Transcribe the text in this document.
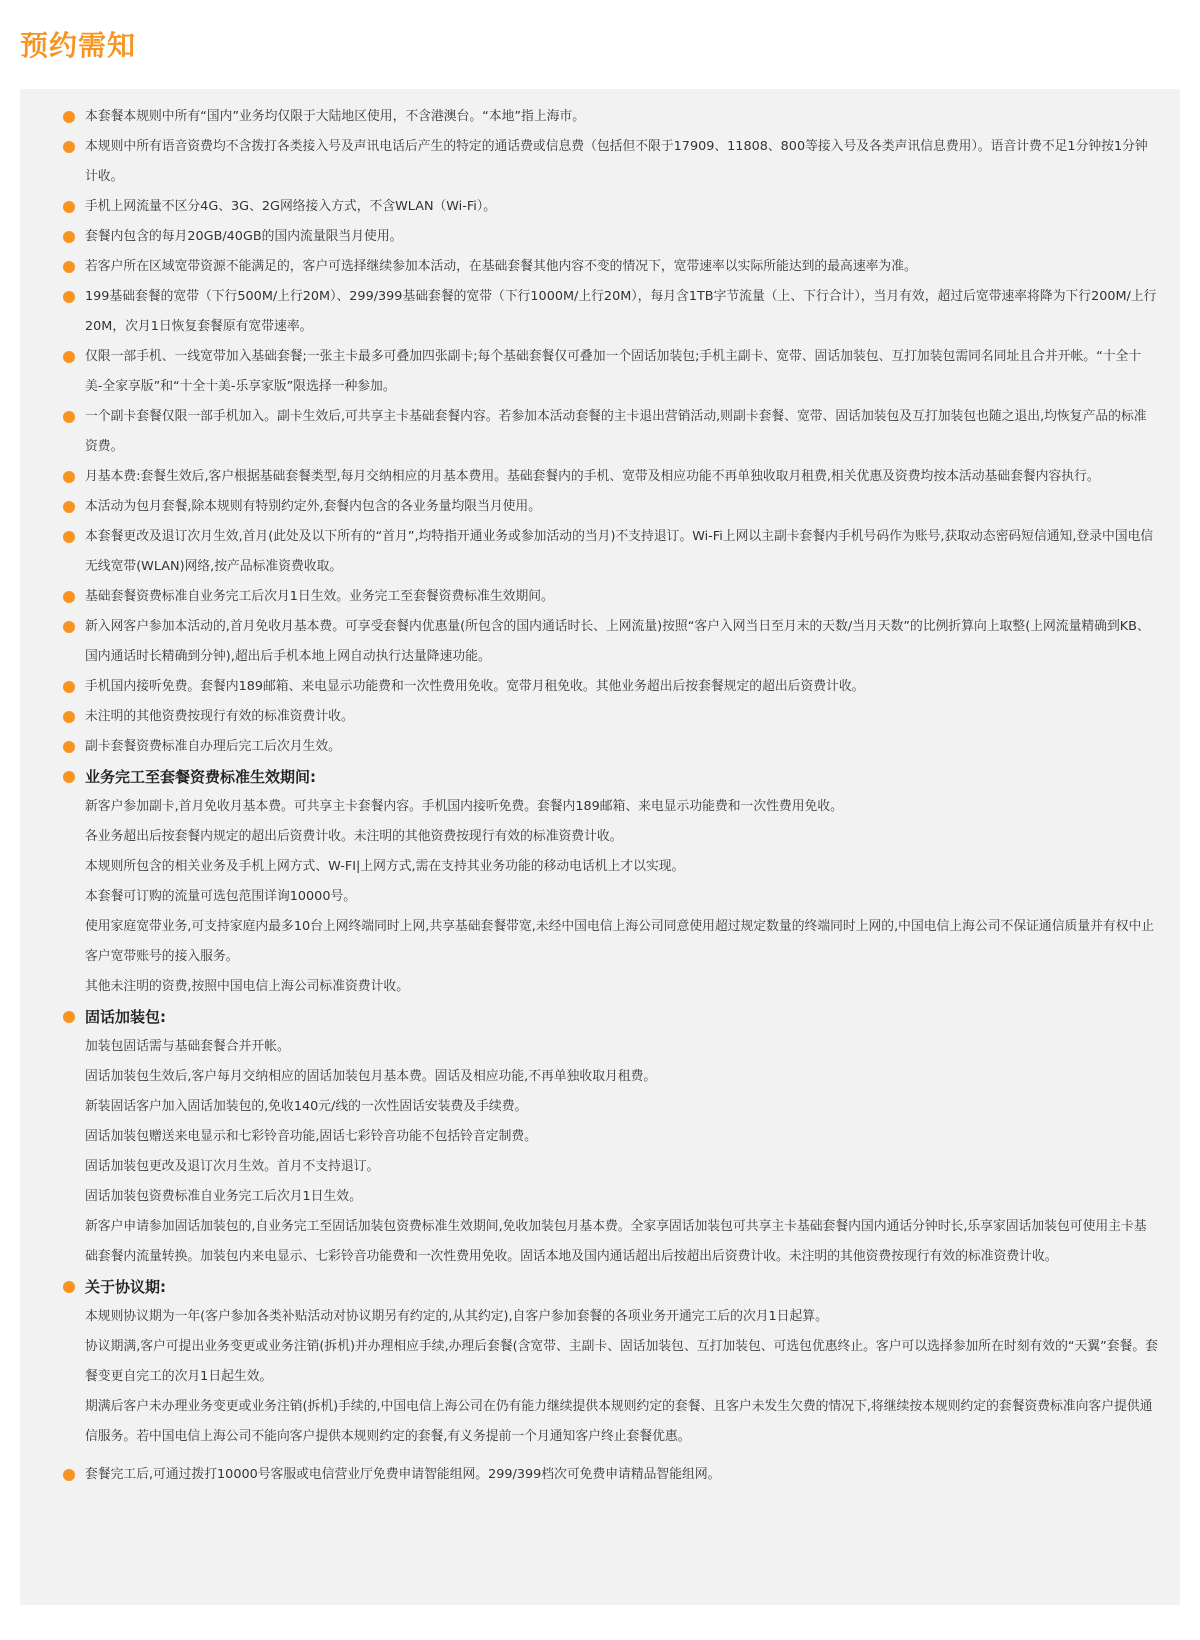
预约需知
本套餐本规则中所有“国内”业务均仅限于大陆地区使用，不含港澳台。“本地”指上海市。
本规则中所有语音资费均不含拨打各类接入号及声讯电话后产生的特定的通话费或信息费（包括但不限于17909、11808、800等接入号及各类声讯信息费用）。语音计费不足1分钟按1分钟计收。
手机上网流量不区分4G、3G、2G网络接入方式，不含WLAN（Wi-Fi）。
套餐内包含的每月20GB/40GB的国内流量限当月使用。
若客户所在区域宽带资源不能满足的，客户可选择继续参加本活动，在基础套餐其他内容不变的情况下，宽带速率以实际所能达到的最高速率为准。
199基础套餐的宽带（下行500M/上行20M）、299/399基础套餐的宽带（下行1000M/上行20M），每月含1TB字节流量（上、下行合计），当月有效，超过后宽带速率将降为下行200M/上行20M，次月1日恢复套餐原有宽带速率。
仅限一部手机、一线宽带加入基础套餐;一张主卡最多可叠加四张副卡;每个基础套餐仅可叠加一个固话加装包;手机主副卡、宽带、固话加装包、互打加装包需同名同址且合并开帐。“十全十美-全家享版”和“十全十美-乐享家版”限选择一种参加。
一个副卡套餐仅限一部手机加入。副卡生效后,可共享主卡基础套餐内容。若参加本活动套餐的主卡退出营销活动,则副卡套餐、宽带、固话加装包及互打加装包也随之退出,均恢复产品的标准资费。
月基本费:套餐生效后,客户根据基础套餐类型,每月交纳相应的月基本费用。基础套餐内的手机、宽带及相应功能不再单独收取月租费,相关优惠及资费均按本活动基础套餐内容执行。
本活动为包月套餐,除本规则有特别约定外,套餐内包含的各业务量均限当月使用。
本套餐更改及退订次月生效,首月(此处及以下所有的“首月”,均特指开通业务或参加活动的当月)不支持退订。Wi-Fi上网以主副卡套餐内手机号码作为账号,获取动态密码短信通知,登录中国电信无线宽带(WLAN)网络,按产品标准资费收取。
基础套餐资费标准自业务完工后次月1日生效。业务完工至套餐资费标准生效期间。
新入网客户参加本活动的,首月免收月基本费。可享受套餐内优惠量(所包含的国内通话时长、上网流量)按照“客户入网当日至月末的天数/当月天数”的比例折算向上取整(上网流量精确到KB、国内通话时长精确到分钟),超出后手机本地上网自动执行达量降速功能。
手机国内接听免费。套餐内189邮箱、来电显示功能费和一次性费用免收。宽带月租免收。其他业务超出后按套餐规定的超出后资费计收。
未注明的其他资费按现行有效的标准资费计收。
副卡套餐资费标准自办理后完工后次月生效。
业务完工至套餐资费标准生效期间:
新客户参加副卡,首月免收月基本费。可共享主卡套餐内容。手机国内接听免费。套餐内189邮箱、来电显示功能费和一次性费用免收。
各业务超出后按套餐内规定的超出后资费计收。未注明的其他资费按现行有效的标准资费计收。
本规则所包含的相关业务及手机上网方式、W-FI|上网方式,需在支持其业务功能的移动电话机上才以实现。
本套餐可订购的流量可选包范围详询10000号。
使用家庭宽带业务,可支持家庭内最多10台上网终端同时上网,共享基础套餐带宽,未经中国电信上海公司同意使用超过规定数量的终端同时上网的,中国电信上海公司不保证通信质量并有权中止客户宽带账号的接入服务。
其他未注明的资费,按照中国电信上海公司标准资费计收。
固话加装包:
加装包固话需与基础套餐合并开帐。
固话加装包生效后,客户每月交纳相应的固话加装包月基本费。固话及相应功能,不再单独收取月租费。
新装固话客户加入固话加装包的,免收140元/线的一次性固话安装费及手续费。
固话加装包赠送来电显示和七彩铃音功能,固话七彩铃音功能不包括铃音定制费。
固话加装包更改及退订次月生效。首月不支持退订。
固话加装包资费标准自业务完工后次月1日生效。
新客户申请参加固话加装包的,自业务完工至固话加装包资费标准生效期间,免收加装包月基本费。全家享固话加装包可共享主卡基础套餐内国内通话分钟时长,乐享家固话加装包可使用主卡基础套餐内流量转换。加装包内来电显示、七彩铃音功能费和一次性费用免收。固话本地及国内通话超出后按超出后资费计收。未注明的其他资费按现行有效的标准资费计收。
关于协议期:
本规则协议期为一年(客户参加各类补贴活动对协议期另有约定的,从其约定),自客户参加套餐的各项业务开通完工后的次月1日起算。
协议期满,客户可提出业务变更或业务注销(拆机)并办理相应手续,办理后套餐(含宽带、主副卡、固话加装包、互打加装包、可选包优惠终止。客户可以选择参加所在时刻有效的“天翼”套餐。套餐变更自完工的次月1日起生效。
期满后客户未办理业务变更或业务注销(拆机)手续的,中国电信上海公司在仍有能力继续提供本规则约定的套餐、且客户未发生欠费的情况下,将继续按本规则约定的套餐资费标准向客户提供通信服务。若中国电信上海公司不能向客户提供本规则约定的套餐,有义务提前一个月通知客户终止套餐优惠。
套餐完工后,可通过拨打10000号客服或电信营业厅免费申请智能组网。299/399档次可免费申请精品智能组网。
